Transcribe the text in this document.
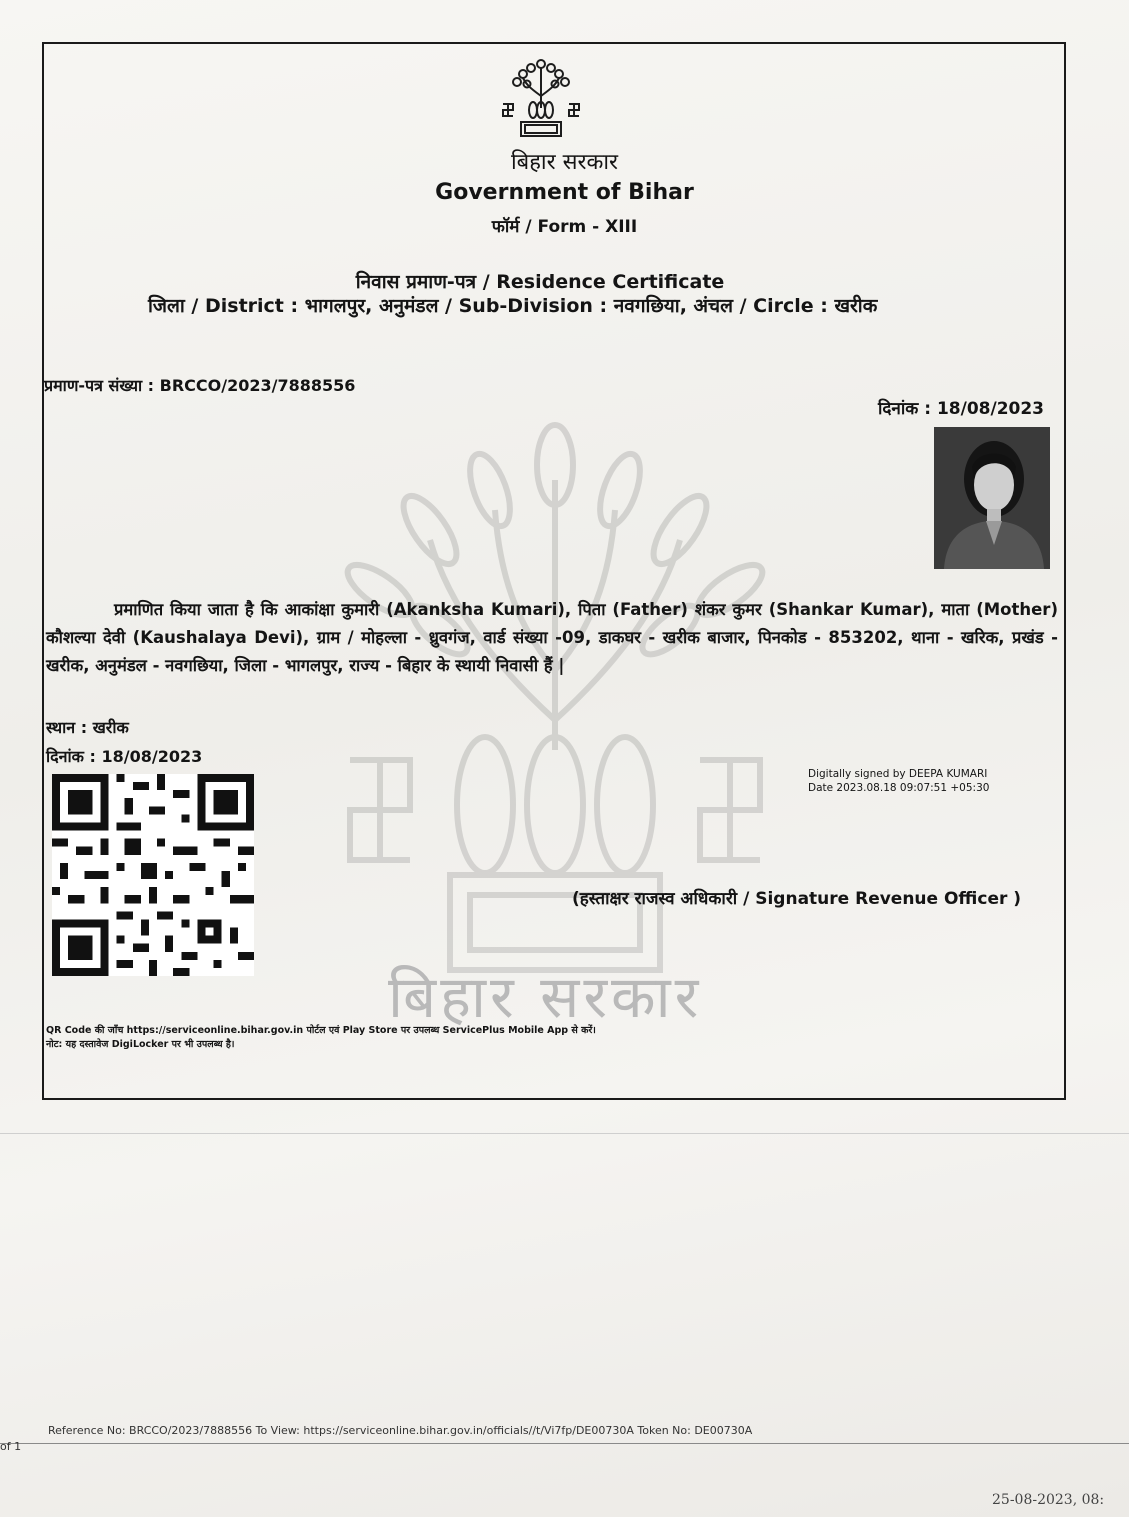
बिहार सरकार
बिहार सरकार
Government of Bihar
फॉर्म / Form - XIII
निवास प्रमाण-पत्र / Residence Certificate
जिला / District : भागलपुर, अनुमंडल / Sub-Division : नवगछिया, अंचल / Circle : खरीक
प्रमाण-पत्र संख्या : BRCCO/2023/7888556
दिनांक : 18/08/2023
प्रमाणित किया जाता है कि आकांक्षा कुमारी (Akanksha Kumari), पिता (Father) शंकर कुमर (Shankar Kumar), माता (Mother) कौशल्या देवी (Kaushalaya Devi), ग्राम / मोहल्ला - ध्रुवगंज, वार्ड संख्या -09, डाकघर - खरीक बाजार, पिनकोड - 853202, थाना - खरिक, प्रखंड - खरीक, अनुमंडल - नवगछिया, जिला - भागलपुर, राज्य - बिहार के स्थायी निवासी हैं |
स्थान : खरीक
दिनांक : 18/08/2023
Digitally signed by DEEPA KUMARI
Date 2023.08.18 09:07:51 +05:30
(हस्ताक्षर राजस्व अधिकारी / Signature Revenue Officer )
QR Code की जाँच https://serviceonline.bihar.gov.in पोर्टल एवं Play Store पर उपलब्ध ServicePlus Mobile App से करें।
नोट: यह दस्तावेज DigiLocker पर भी उपलब्ध है।
Reference No: BRCCO/2023/7888556 To View: https://serviceonline.bihar.gov.in/officials//t/Vi7fp/DE00730A Token No: DE00730A
of 1
25-08-2023, 08:
